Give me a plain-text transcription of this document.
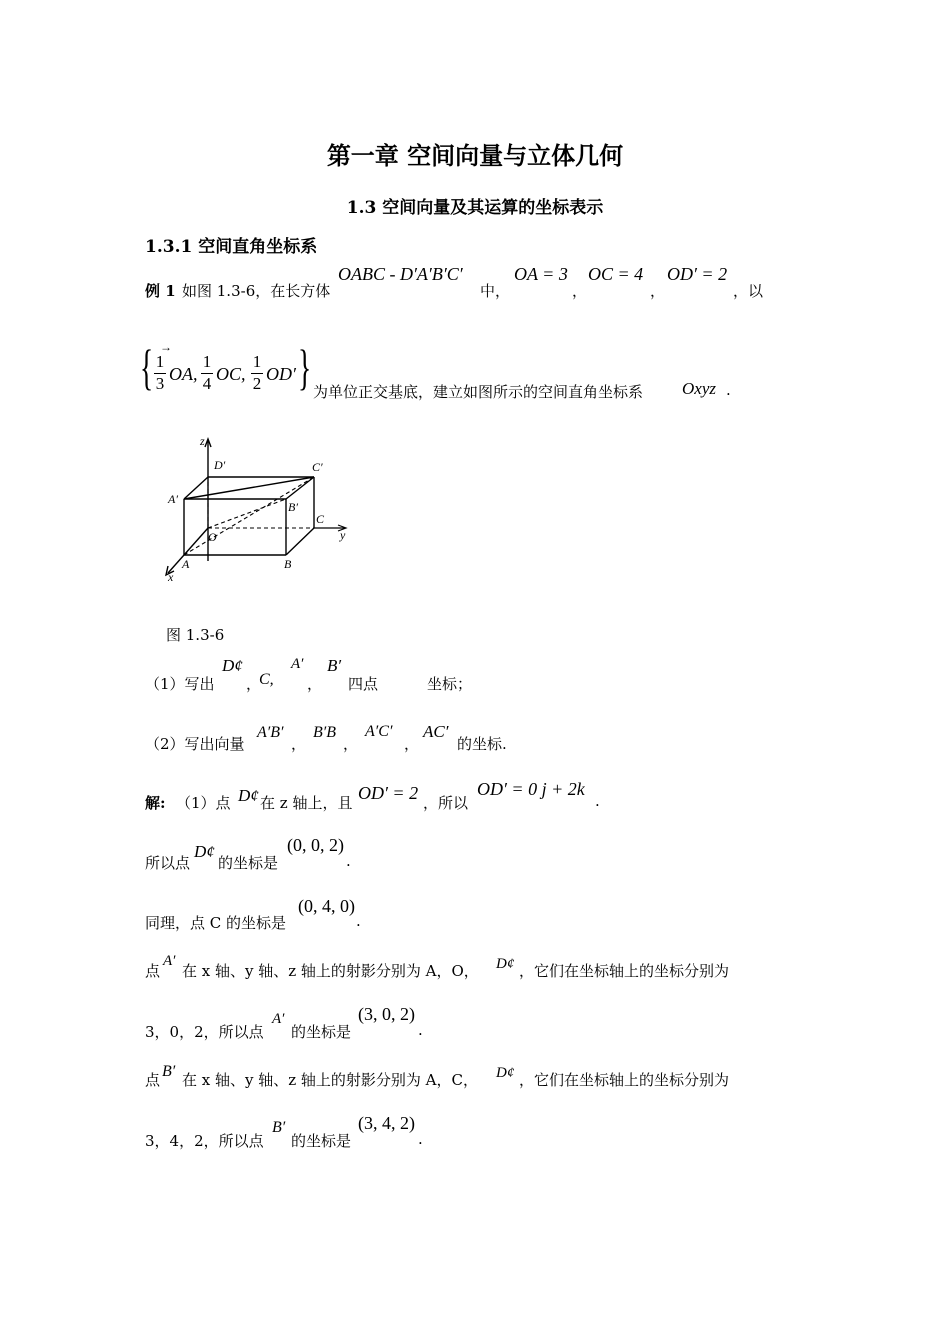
第一章 空间向量与立体几何
1.3 空间向量及其运算的坐标表示
1.3.1 空间直角坐标系
例 1 如图 1.3-6，在长方体
OABC - D′A′B′C′
中，
OA = 3
，
OC = 4
，
OD′ = 2
，以
{ →
1
3 OA,
1
4 OC,
1
2 OD′ } 为单位正交基底，建立如图所示的空间直角坐标系 Oxyz .
z
D′	C′
A′
B′
C
y
O
A	B
x
图 1.3-6
（1）写出
D¢
，
C,
A′
，
B′
四点	坐标；
（2）写出向量
A′B′
，
B′B
，
A′C′
，
AC′
的坐标.
解: （1）点 D¢ 在 z 轴上，且 OD′ = 2 ，所以
OD′ = 0 j + 2k
.
所以点
D¢
的坐标是
(0, 0, 2)
.
同理，点 C 的坐标是
(0, 4, 0)
.
点
A′
在 x 轴、y 轴、z 轴上的射影分别为 A，O， D¢ ，它们在坐标轴上的坐标分别为
3，0，2，所以点
A′
的坐标是
(3, 0, 2)
.
点 B′ 在 x 轴、y 轴、z 轴上的射影分别为 A，C， D¢ ，它们在坐标轴上的坐标分别为
3，4，2，所以点
B′
的坐标是
(3, 4, 2)
.
